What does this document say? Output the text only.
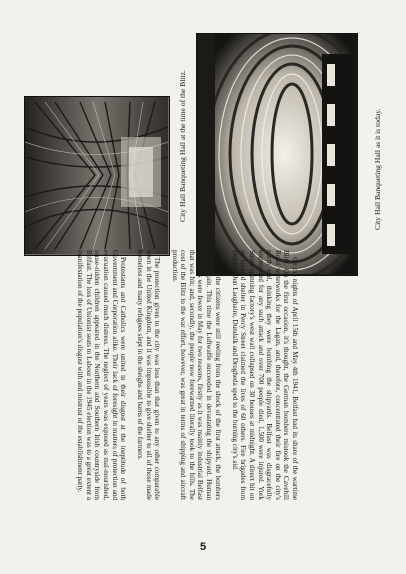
City Hall Banqueting Hall at the time of the Blitz.	City Hall Banqueting Hall as it is today.

On the nights of April 15th and May 4th 1941, Belfast had its share of the wartime Blitz. On the first occasion, it's thought, the German bombers mistook the Cavehill Road waterworks for the Lagan, and, therefore, concentrated their fire on the city's north end, thinking they were bombing the shipyards. Belfast was disgracefully unprepared for any such attack and over 700 people died, 1,500 were injured. York Street spinning factory's west wall collapsed on 30 houses at midnight. A direct hit on an air-raid shelter in Percy Street claimed the lives of 60 others. Fire brigades from Dublin, Dun Laoghaire, Dundalk and Drogheda sped to the burning city's aid.

While the citizens were still reeling from the shock of the first attack, the bombers struck again. This time the Luftwaffe succeeded in devastating the shipyard. Human casualties were fewer in May for two reasons, firstly as it was mainly industrial Belfast that was hit; and, secondly, the people now forewarned literally took to the hills. The cost of the Blitz to the war effort, however, was great in terms of shipping and aircraft production.

The protection given to the city was less than that given to any other comparable town in the United Kingdom, and it was impossible to give shelter to all of those made homeless and many refugees slept in the sheighs and barns of the farmers.

Protestants and Catholics were united in their disgust at the ineptitude of both Government and Corporation alike. Their lack of foresight in matters of protection and evacuation caused much distress. The neglect of years was exposed as mal-nourished, louse-ridden children appeared in the Northern and Southern Irish countryside from Belfast. The loss of Unionist seats to Labour in the 1945 election was to a great extent a manifestation of the population's disgust with and mistrust of the establishment party.

5
